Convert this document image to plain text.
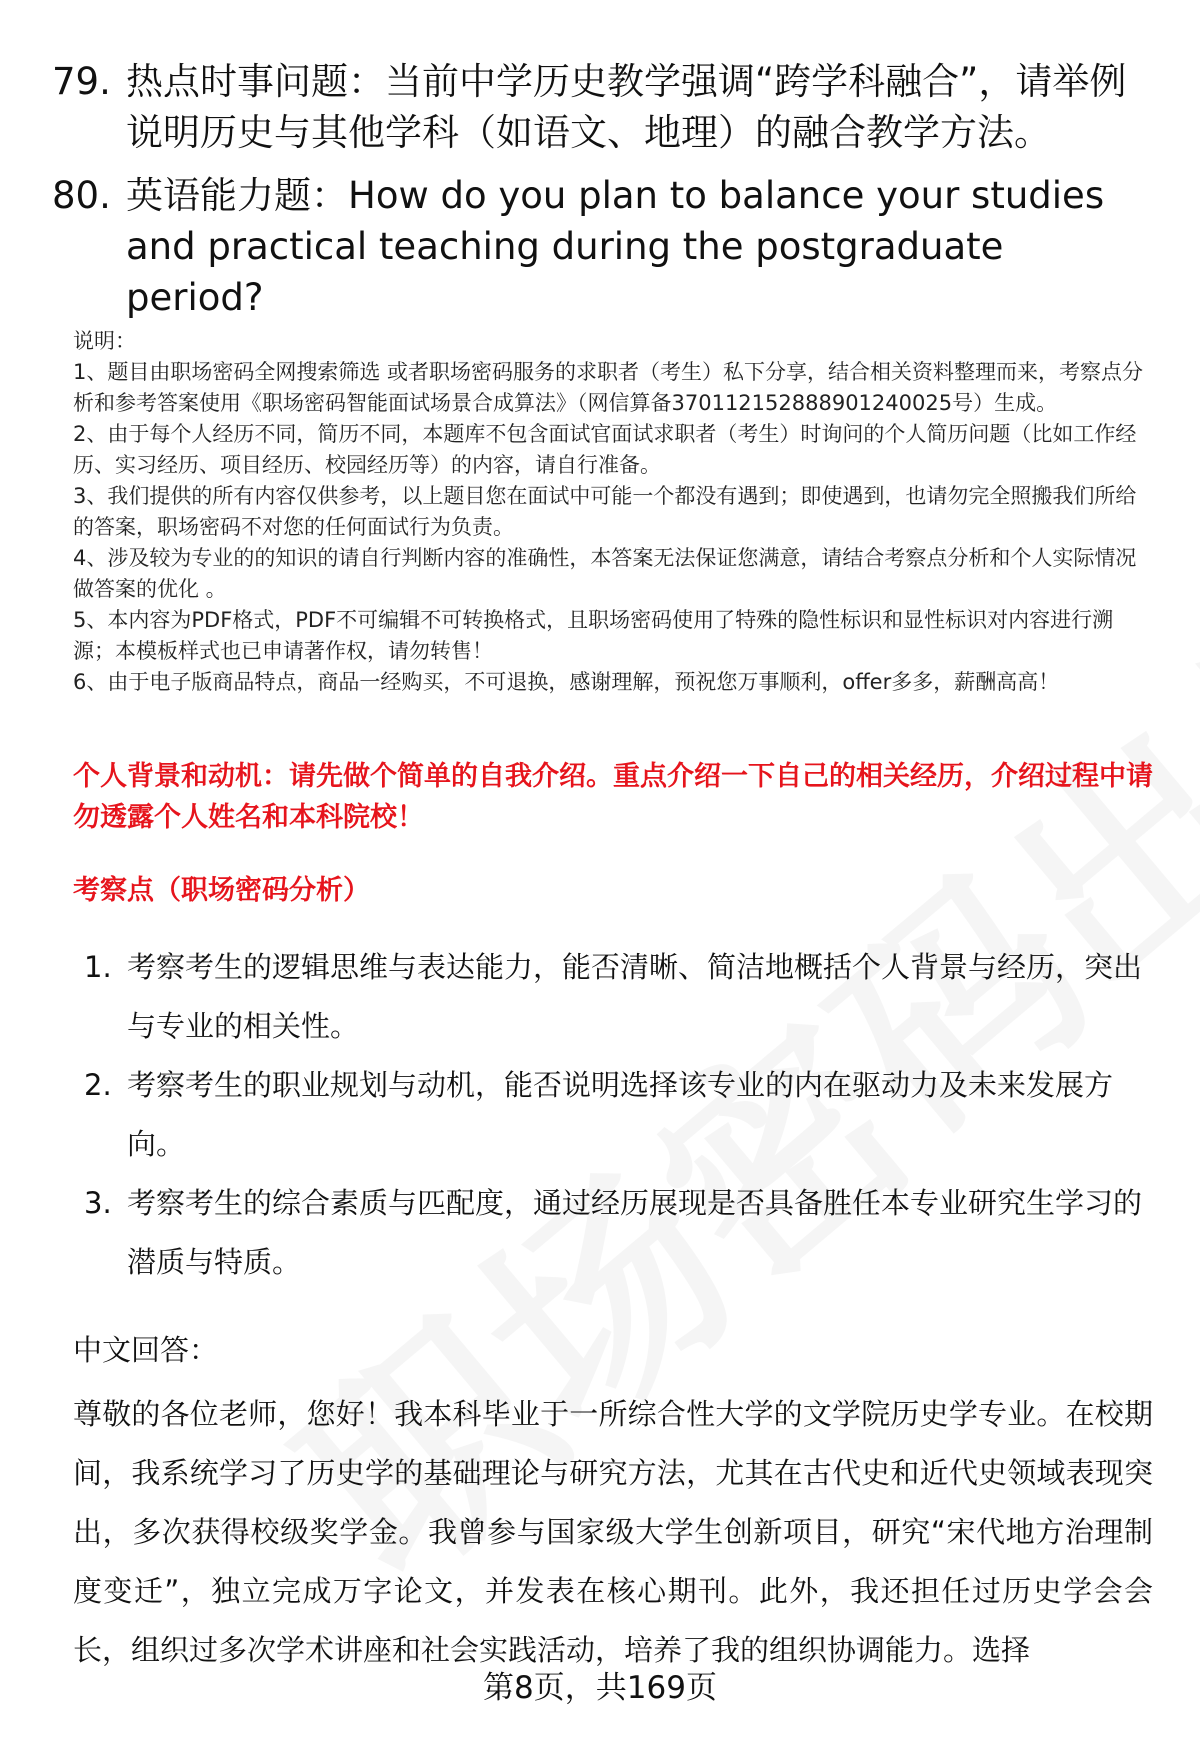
79. 热点时事问题：当前中学历史教学强调“跨学科融合”，请举例说明历史与其他学科（如语文、地理）的融合教学方法。
80. 英语能力题：How do you plan to balance your studies and practical teaching during the postgraduate period?

说明：

1、题目由职场密码全网搜索筛选 或者职场密码服务的求职者（考生）私下分享，结合相关资料整理而来，考察点分析和参考答案使用《职场密码智能面试场景合成算法》（网信算备370112152888901240025号）生成。

2、由于每个人经历不同，简历不同，本题库不包含面试官面试求职者（考生）时询问的个人简历问题（比如工作经历、实习经历、项目经历、校园经历等）的内容，请自行准备。

3、我们提供的所有内容仅供参考，以上题目您在面试中可能一个都没有遇到；即使遇到，也请勿完全照搬我们所给的答案，职场密码不对您的任何面试行为负责。

4、涉及较为专业的的知识的请自行判断内容的准确性，本答案无法保证您满意，请结合考察点分析和个人实际情况做答案的优化 。

5、本内容为PDF格式，PDF不可编辑不可转换格式，且职场密码使用了特殊的隐性标识和显性标识对内容进行溯源；本模板样式也已申请著作权，请勿转售！

6、由于电子版商品特点，商品一经购买，不可退换，感谢理解，预祝您万事顺利，offer多多，薪酬高高！

个人背景和动机：请先做个简单的自我介绍。重点介绍一下自己的相关经历，介绍过程中请勿透露个人姓名和本科院校！
考察点（职场密码分析）
1. 考察考生的逻辑思维与表达能力，能否清晰、简洁地概括个人背景与经历，突出与专业的相关性。
2. 考察考生的职业规划与动机，能否说明选择该专业的内在驱动力及未来发展方向。
3. 考察考生的综合素质与匹配度，通过经历展现是否具备胜任本专业研究生学习的潜质与特质。
中文回答：
尊敬的各位老师，您好！我本科毕业于一所综合性大学的文学院历史学专业。在校期间，我系统学习了历史学的基础理论与研究方法，尤其在古代史和近代史领域表现突出，多次获得校级奖学金。我曾参与国家级大学生创新项目，研究“宋代地方治理制度变迁”，独立完成万字论文，并发表在核心期刊。此外，我还担任过历史学会会长，组织过多次学术讲座和社会实践活动，培养了我的组织协调能力。选择
第8页，共169页
